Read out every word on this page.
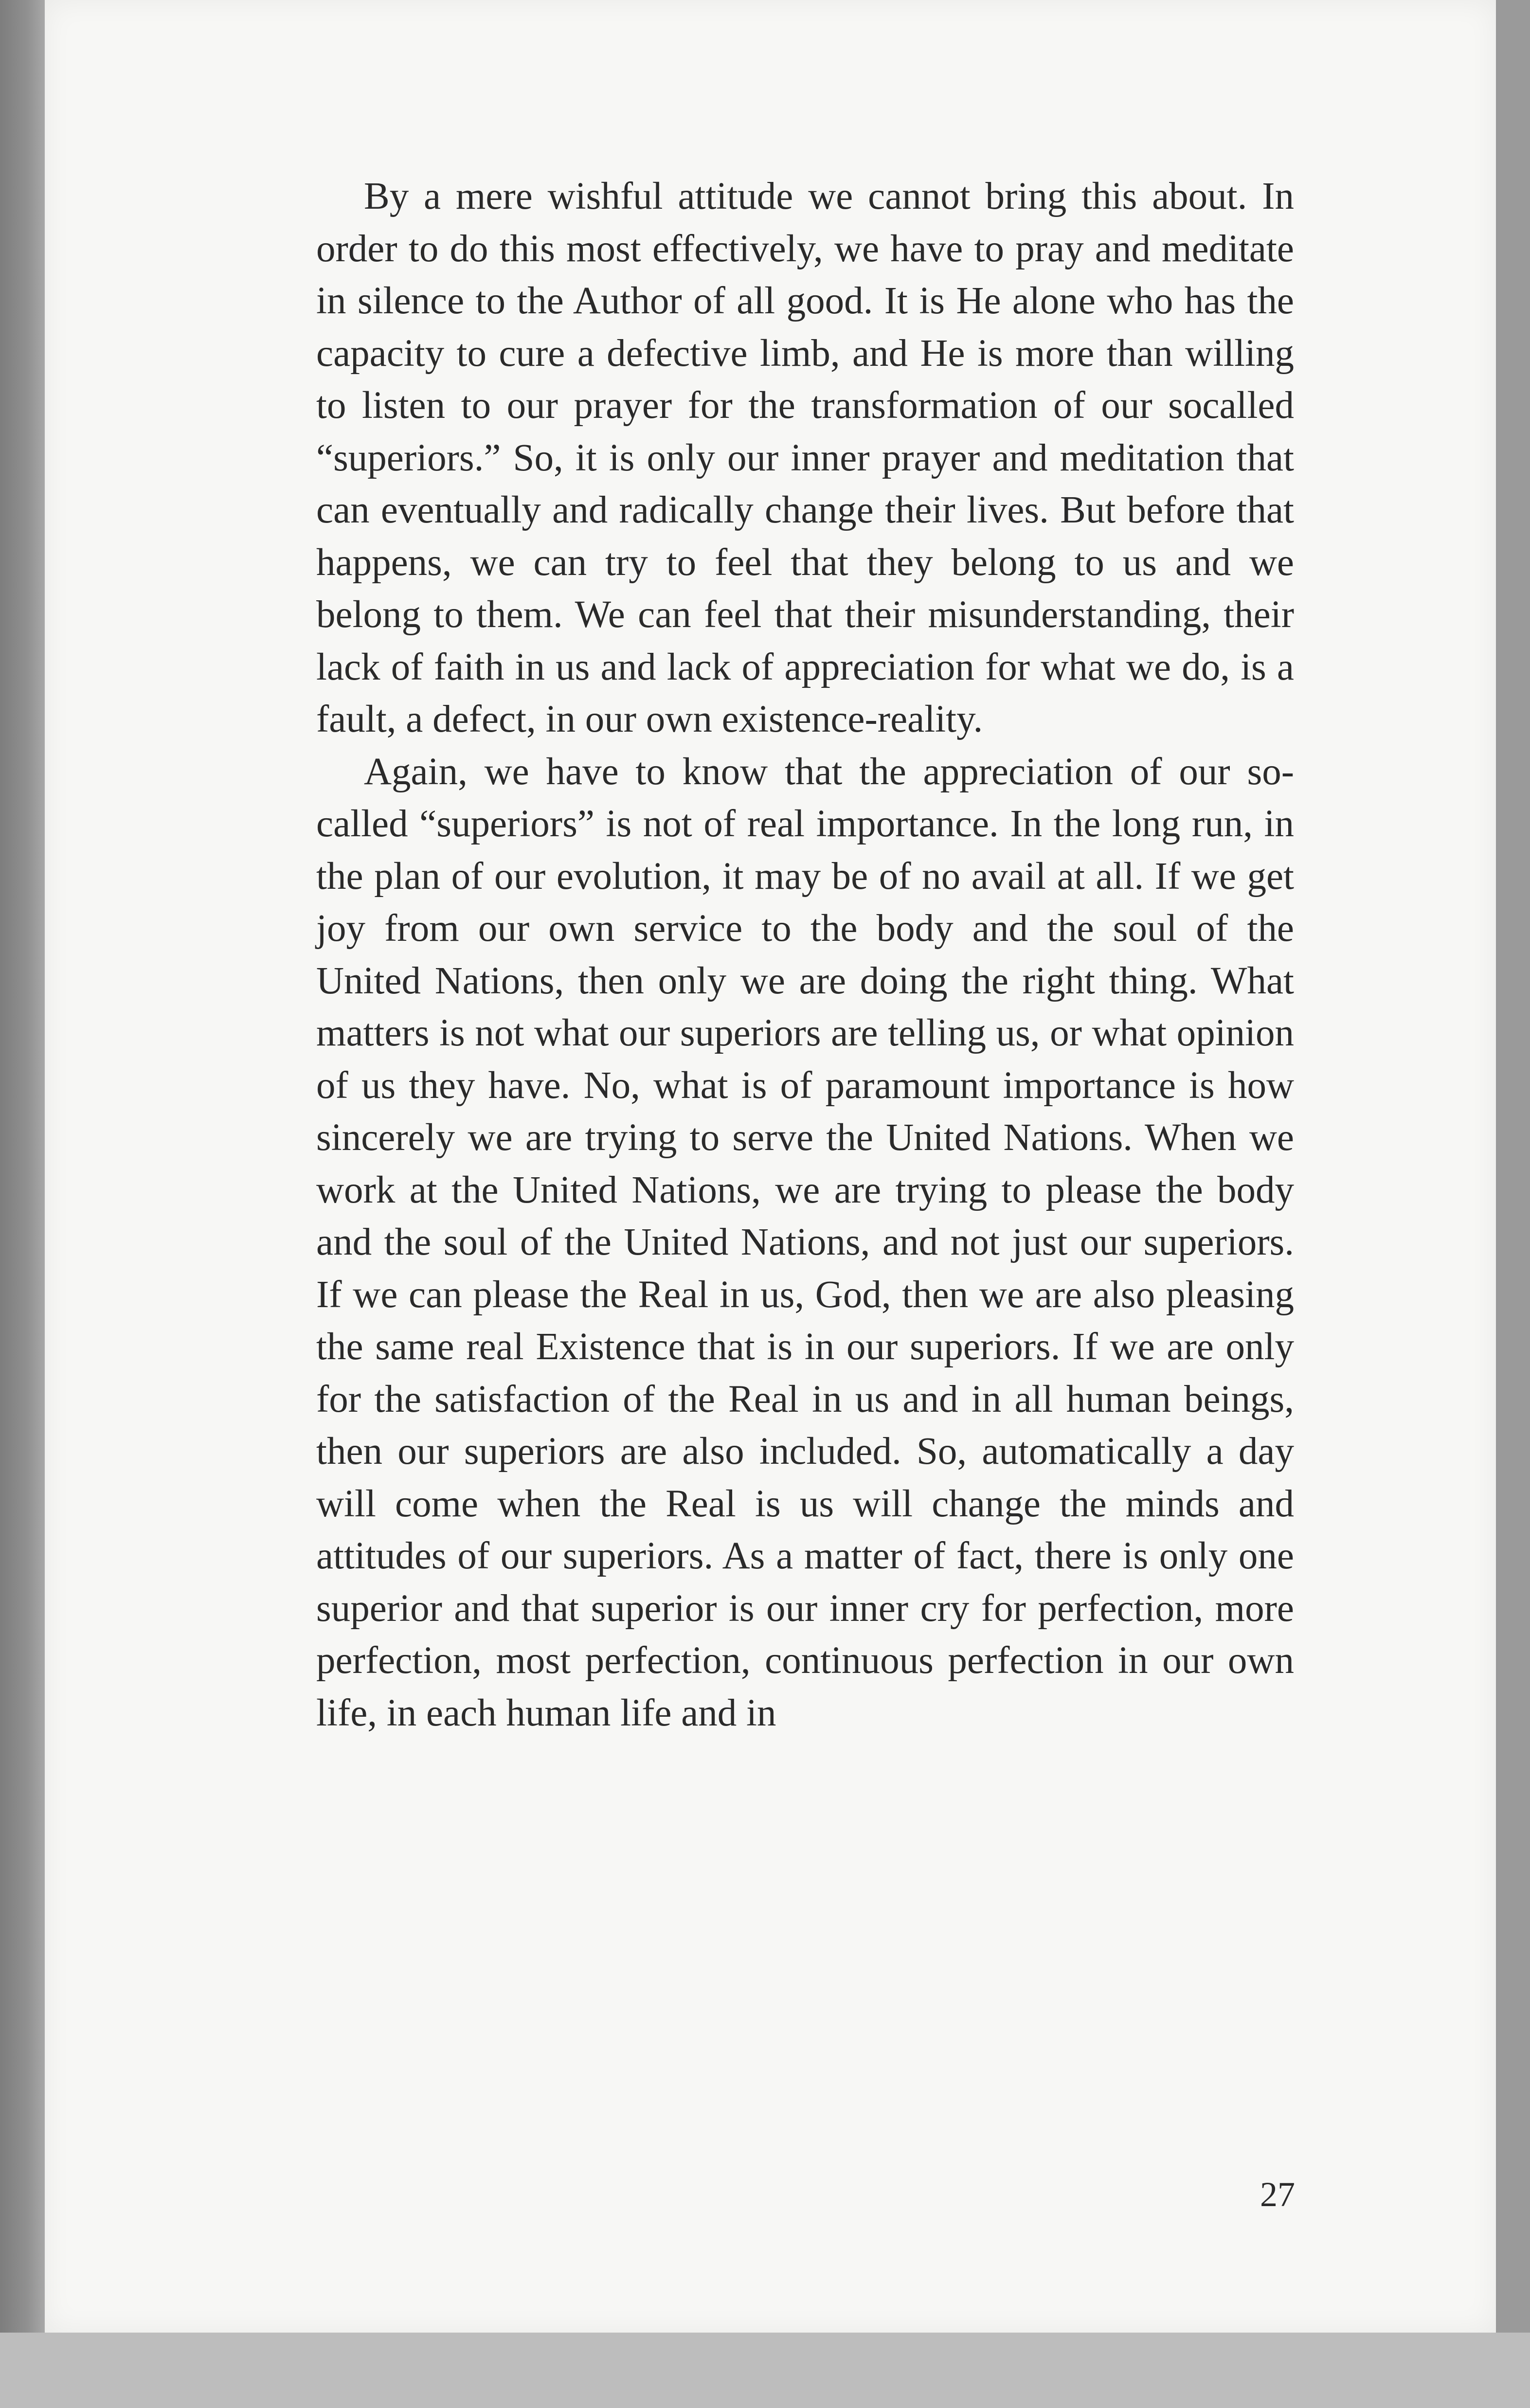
By a mere wishful attitude we cannot bring this about. In order to do this most effectively, we have to pray and meditate in silence to the Author of all good. It is He alone who has the capacity to cure a defective limb, and He is more than willing to listen to our prayer for the transformation of our socalled “superiors.” So, it is only our inner prayer and meditation that can eventually and radically change their lives. But before that happens, we can try to feel that they belong to us and we belong to them. We can feel that their misunderstanding, their lack of faith in us and lack of appreciation for what we do, is a fault, a defect, in our own existence-reality.

Again, we have to know that the appreciation of our so-called “superiors” is not of real importance. In the long run, in the plan of our evolution, it may be of no avail at all. If we get joy from our own service to the body and the soul of the United Nations, then only we are doing the right thing. What matters is not what our superiors are telling us, or what opinion of us they have. No, what is of paramount importance is how sincerely we are trying to serve the United Nations. When we work at the United Nations, we are trying to please the body and the soul of the United Nations, and not just our superiors. If we can please the Real in us, God, then we are also pleasing the same real Existence that is in our superiors. If we are only for the satisfaction of the Real in us and in all human beings, then our superiors are also included. So, automatically a day will come when the Real is us will change the minds and attitudes of our superiors. As a matter of fact, there is only one superior and that superior is our inner cry for perfection, more perfection, most perfection, continuous perfection in our own life, in each human life and in

27
